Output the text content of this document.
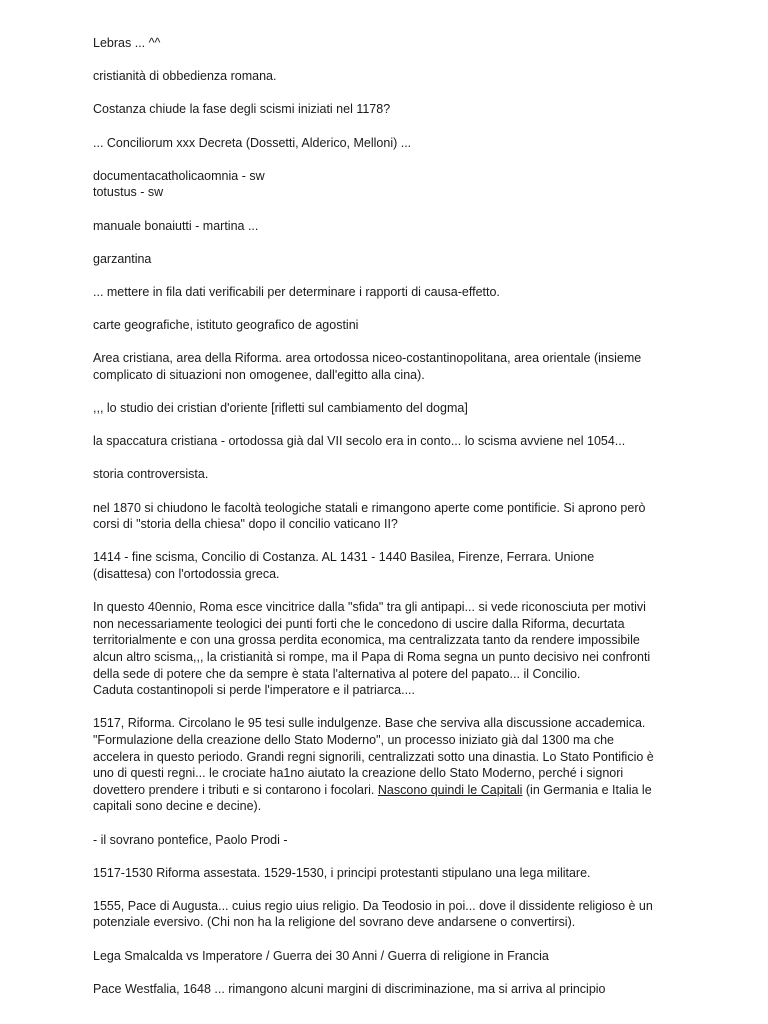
Lebras ... ^^

cristianità di obbedienza romana.

Costanza chiude la fase degli scismi iniziati nel 1178?

... Conciliorum xxx Decreta (Dossetti, Alderico, Melloni) ...

documentacatholicaomnia - sw
totustus - sw

manuale bonaiutti - martina ...

garzantina

... mettere in fila dati verificabili per determinare i rapporti di causa-effetto.

carte geografiche, istituto geografico de agostini

Area cristiana, area della Riforma. area ortodossa niceo-costantinopolitana, area orientale (insieme
complicato di situazioni non omogenee, dall'egitto alla cina).

,,, lo studio dei cristian d'oriente [rifletti sul cambiamento del dogma]

la spaccatura cristiana - ortodossa già dal VII secolo era in conto... lo scisma avviene nel 1054...

storia controversista.

nel 1870 si chiudono le facoltà teologiche statali e rimangono aperte come pontificie. Si aprono però
corsi di "storia della chiesa" dopo il concilio vaticano II?

1414 - fine scisma, Concilio di Costanza. AL 1431 - 1440 Basilea, Firenze, Ferrara. Unione
(disattesa) con l'ortodossia greca.

In questo 40ennio, Roma esce vincitrice dalla "sfida" tra gli antipapi... si vede riconosciuta per motivi
non necessariamente teologici dei punti forti che le concedono di uscire dalla Riforma, decurtata
territorialmente e con una grossa perdita economica, ma centralizzata tanto da rendere impossibile
alcun altro scisma,,, la cristianità si rompe, ma il Papa di Roma segna un punto decisivo nei confronti
della sede di potere che da sempre è stata l'alternativa al potere del papato... il Concilio.
Caduta costantinopoli si perde l'imperatore e il patriarca....

1517, Riforma. Circolano le 95 tesi sulle indulgenze. Base che serviva alla discussione accademica.
"Formulazione della creazione dello Stato Moderno", un processo iniziato già dal 1300 ma che
accelera in questo periodo. Grandi regni signorili, centralizzati sotto una dinastia. Lo Stato Pontificio è
uno di questi regni... le crociate ha1no aiutato la creazione dello Stato Moderno, perché i signori
dovettero prendere i tributi e si contarono i focolari. Nascono quindi le Capitali (in Germania e Italia le
capitali sono decine e decine).

- il sovrano pontefice, Paolo Prodi -

1517-1530 Riforma assestata. 1529-1530, i principi protestanti stipulano una lega militare.

1555, Pace di Augusta... cuius regio uius religio. Da Teodosio in poi... dove il dissidente religioso è un
potenziale eversivo. (Chi non ha la religione del sovrano deve andarsene o convertirsi).

Lega Smalcalda vs Imperatore / Guerra dei 30 Anni / Guerra di religione in Francia

Pace Westfalia, 1648 ... rimangono alcuni margini di discriminazione, ma si arriva al principio
